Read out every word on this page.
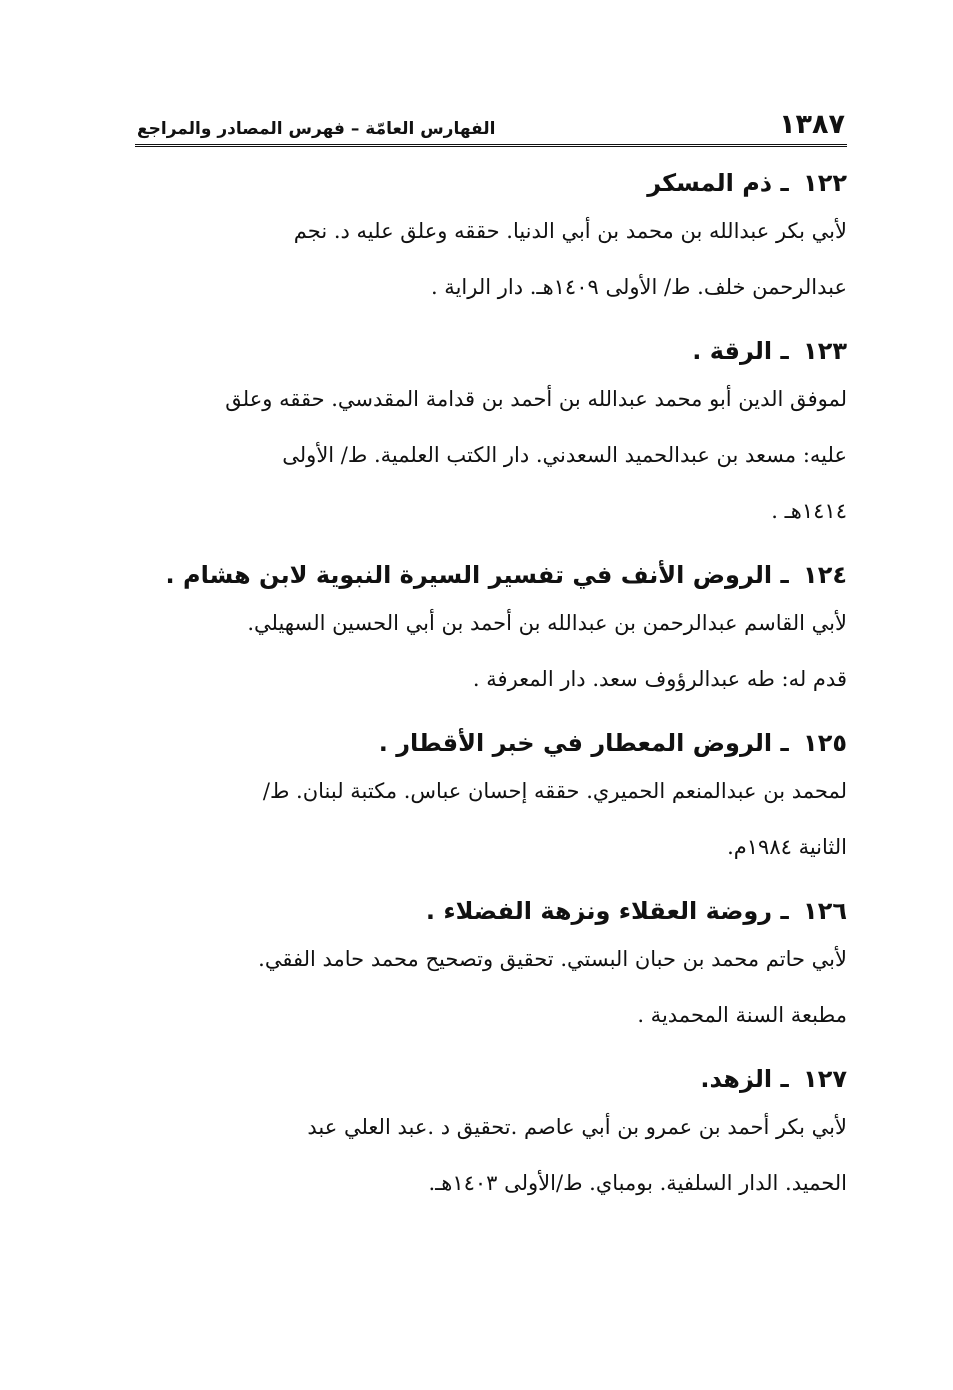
١٣٨٧
الفهارس العامّة – فهرس المصادر والمراجع
١٢٢ ـ ذم المسكر

لأبي بكر عبدالله بن محمد بن أبي الدنيا. حققه وعلق عليه د. نجم
عبدالرحمن خلف. ط/ الأولى ١٤٠٩هـ. دار الراية .

١٢٣ ـ الرقة .

لموفق الدين أبو محمد عبدالله بن أحمد بن قدامة المقدسي. حققه وعلق
عليه: مسعد بن عبدالحميد السعدني. دار الكتب العلمية. ط/ الأولى
١٤١٤هـ .

١٢٤ ـ الروض الأنف في تفسير السيرة النبوية لابن هشام .

لأبي القاسم عبدالرحمن بن عبدالله بن أحمد بن أبي الحسين السهيلي.
قدم له: طه عبدالرؤوف سعد. دار المعرفة .

١٢٥ ـ الروض المعطار في خبر الأقطار .

لمحمد بن عبدالمنعم الحميري. حققه إحسان عباس. مكتبة لبنان. ط/
الثانية ١٩٨٤م.

١٢٦ ـ روضة العقلاء ونزهة الفضلاء .

لأبي حاتم محمد بن حبان البستي. تحقيق وتصحيح محمد حامد الفقي.
مطبعة السنة المحمدية .

١٢٧ ـ الزهد.

لأبي بكر أحمد بن عمرو بن أبي عاصم .تحقيق د .عبد العلي عبد
الحميد. الدار السلفية. بومباي. ط/الأولى ١٤٠٣هـ.
